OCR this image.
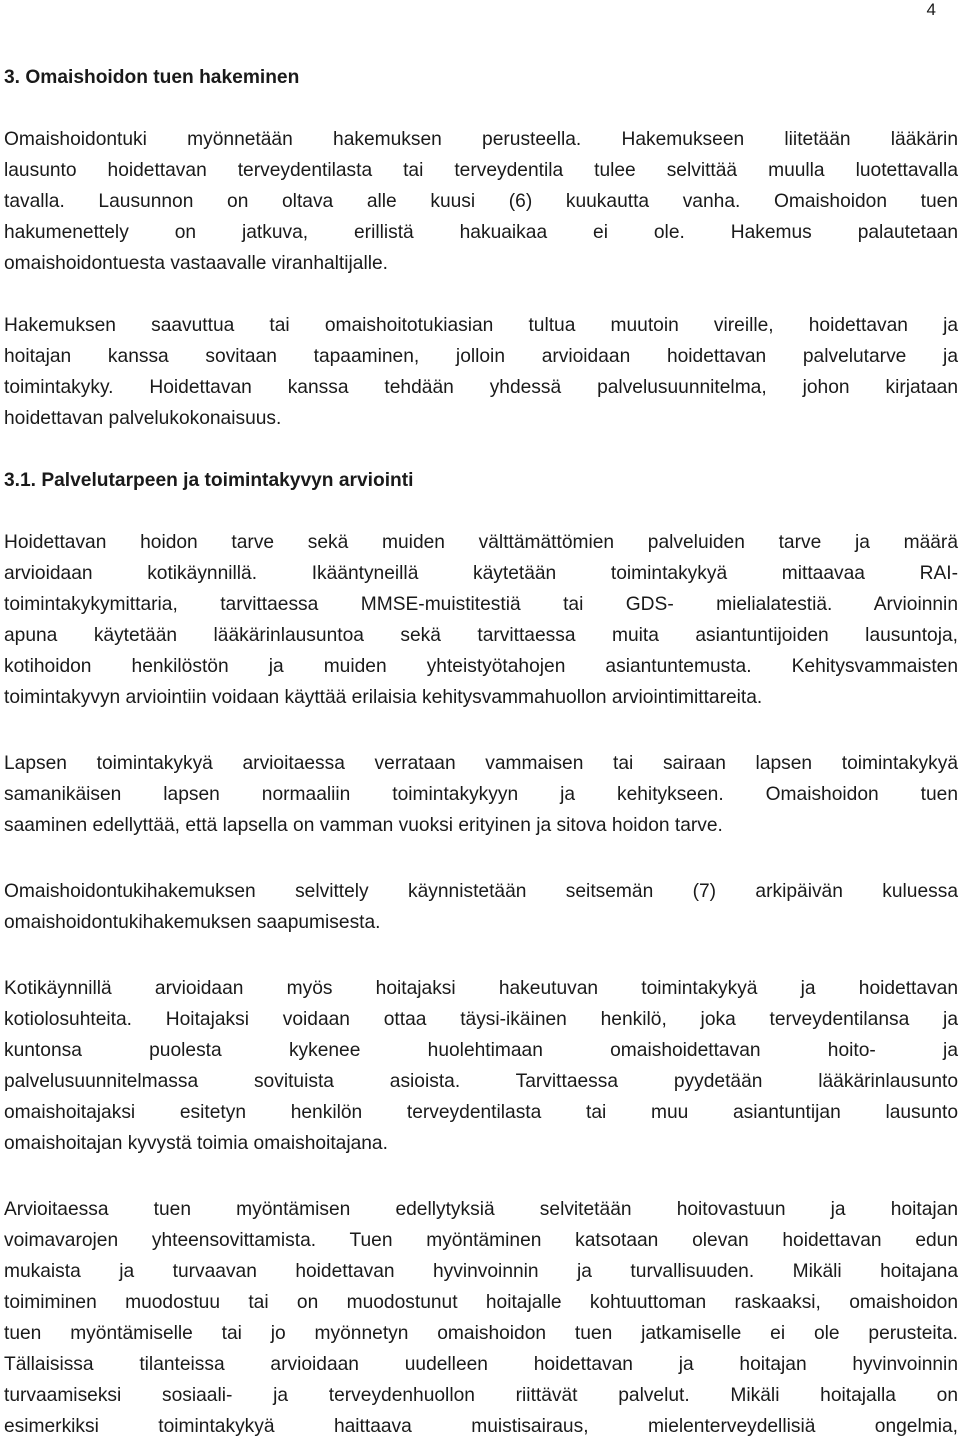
4
3. Omaishoidon tuen hakeminen
Omaishoidontuki myönnetään hakemuksen perusteella. Hakemukseen liitetään lääkärin
lausunto hoidettavan terveydentilasta tai terveydentila tulee selvittää muulla luotettavalla
tavalla. Lausunnon on oltava alle kuusi (6) kuukautta vanha. Omaishoidon tuen
hakumenettely on jatkuva, erillistä hakuaikaa ei ole. Hakemus palautetaan
omaishoidontuesta vastaavalle viranhaltijalle.
Hakemuksen saavuttua tai omaishoitotukiasian tultua muutoin vireille, hoidettavan ja
hoitajan kanssa sovitaan tapaaminen, jolloin arvioidaan hoidettavan palvelutarve ja
toimintakyky. Hoidettavan kanssa tehdään yhdessä palvelusuunnitelma, johon kirjataan
hoidettavan palvelukokonaisuus.
3.1. Palvelutarpeen ja toimintakyvyn arviointi
Hoidettavan hoidon tarve sekä muiden välttämättömien palveluiden tarve ja määrä
arvioidaan kotikäynnillä. Ikääntyneillä käytetään toimintakykyä mittaavaa RAI-
toimintakykymittaria, tarvittaessa MMSE-muistitestiä tai GDS- mielialatestiä. Arvioinnin
apuna käytetään lääkärinlausuntoa sekä tarvittaessa muita asiantuntijoiden lausuntoja,
kotihoidon henkilöstön ja muiden yhteistyötahojen asiantuntemusta. Kehitysvammaisten
toimintakyvyn arviointiin voidaan käyttää erilaisia kehitysvammahuollon arviointimittareita.
Lapsen toimintakykyä arvioitaessa verrataan vammaisen tai sairaan lapsen toimintakykyä
samanikäisen lapsen normaaliin toimintakykyyn ja kehitykseen. Omaishoidon tuen
saaminen edellyttää, että lapsella on vamman vuoksi erityinen ja sitova hoidon tarve.
Omaishoidontukihakemuksen selvittely käynnistetään seitsemän (7) arkipäivän kuluessa
omaishoidontukihakemuksen saapumisesta.
Kotikäynnillä arvioidaan myös hoitajaksi hakeutuvan toimintakykyä ja hoidettavan
kotiolosuhteita. Hoitajaksi voidaan ottaa täysi-ikäinen henkilö, joka terveydentilansa ja
kuntonsa puolesta kykenee huolehtimaan omaishoidettavan hoito- ja
palvelusuunnitelmassa sovituista asioista. Tarvittaessa pyydetään lääkärinlausunto
omaishoitajaksi esitetyn henkilön terveydentilasta tai muu asiantuntijan lausunto
omaishoitajan kyvystä toimia omaishoitajana.
Arvioitaessa tuen myöntämisen edellytyksiä selvitetään hoitovastuun ja hoitajan
voimavarojen yhteensovittamista. Tuen myöntäminen katsotaan olevan hoidettavan edun
mukaista ja turvaavan hoidettavan hyvinvoinnin ja turvallisuuden. Mikäli hoitajana
toimiminen muodostuu tai on muodostunut hoitajalle kohtuuttoman raskaaksi, omaishoidon
tuen myöntämiselle tai jo myönnetyn omaishoidon tuen jatkamiselle ei ole perusteita.
Tällaisissa tilanteissa arvioidaan uudelleen hoidettavan ja hoitajan hyvinvoinnin
turvaamiseksi sosiaali- ja terveydenhuollon riittävät palvelut. Mikäli hoitajalla on
esimerkiksi toimintakykyä haittaava muistisairaus, mielenterveydellisiä ongelmia,
